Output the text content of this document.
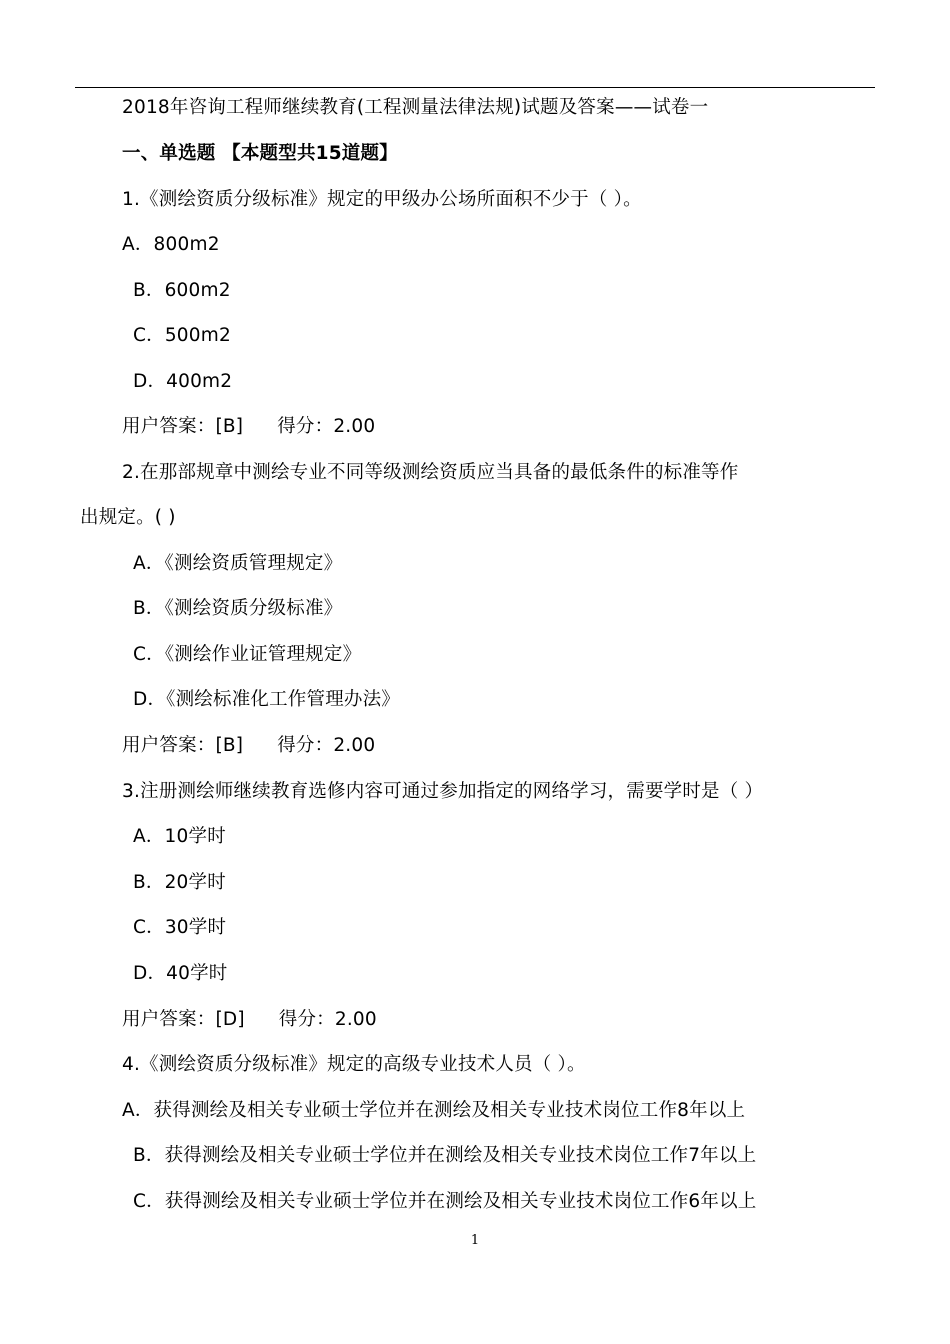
2018年咨询工程师继续教育(工程测量法律法规)试题及答案——试卷一
一、单选题 【本题型共15道题】
1.《测绘资质分级标准》规定的甲级办公场所面积不少于（ ）。
A．800m2
B．600m2
C．500m2
D．400m2
用户答案：[B] 得分：2.00
2.在那部规章中测绘专业不同等级测绘资质应当具备的最低条件的标准等作
出规定。( )
A．《测绘资质管理规定》
B．《测绘资质分级标准》
C．《测绘作业证管理规定》
D．《测绘标准化工作管理办法》
用户答案：[B] 得分：2.00
3.注册测绘师继续教育选修内容可通过参加指定的网络学习，需要学时是（ ）
A．10学时
B．20学时
C．30学时
D．40学时
用户答案：[D] 得分：2.00
4.《测绘资质分级标准》规定的高级专业技术人员（ ）。
A．获得测绘及相关专业硕士学位并在测绘及相关专业技术岗位工作8年以上
B．获得测绘及相关专业硕士学位并在测绘及相关专业技术岗位工作7年以上
C．获得测绘及相关专业硕士学位并在测绘及相关专业技术岗位工作6年以上
1
